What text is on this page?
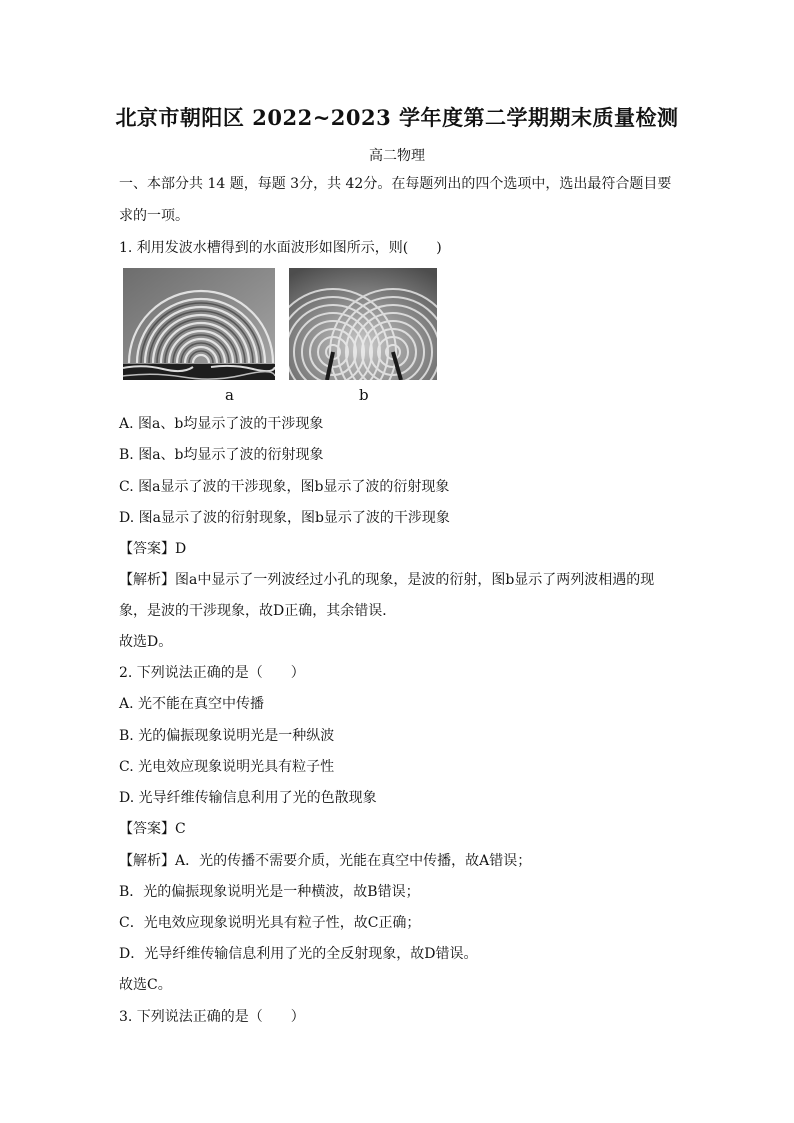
北京市朝阳区 2022~2023 学年度第二学期期末质量检测
高二物理
一、本部分共 14 题，每题 3分，共 42分。在每题列出的四个选项中，选出最符合题目要
求的一项。
1. 利用发波水槽得到的水面波形如图所示，则(　　)
a	b
A. 图a、b均显示了波的干涉现象
B. 图a、b均显示了波的衍射现象
C. 图a显示了波的干涉现象，图b显示了波的衍射现象
D. 图a显示了波的衍射现象，图b显示了波的干涉现象
【答案】D
【解析】图a中显示了一列波经过小孔的现象，是波的衍射，图b显示了两列波相遇的现
象，是波的干涉现象，故D正确，其余错误．
故选D。
2. 下列说法正确的是（　　）
A. 光不能在真空中传播
B. 光的偏振现象说明光是一种纵波
C. 光电效应现象说明光具有粒子性
D. 光导纤维传输信息利用了光的色散现象
【答案】C
【解析】A．光的传播不需要介质，光能在真空中传播，故A错误；
B．光的偏振现象说明光是一种横波，故B错误；
C．光电效应现象说明光具有粒子性，故C正确；
D．光导纤维传输信息利用了光的全反射现象，故D错误。
故选C。
3. 下列说法正确的是（　　）
